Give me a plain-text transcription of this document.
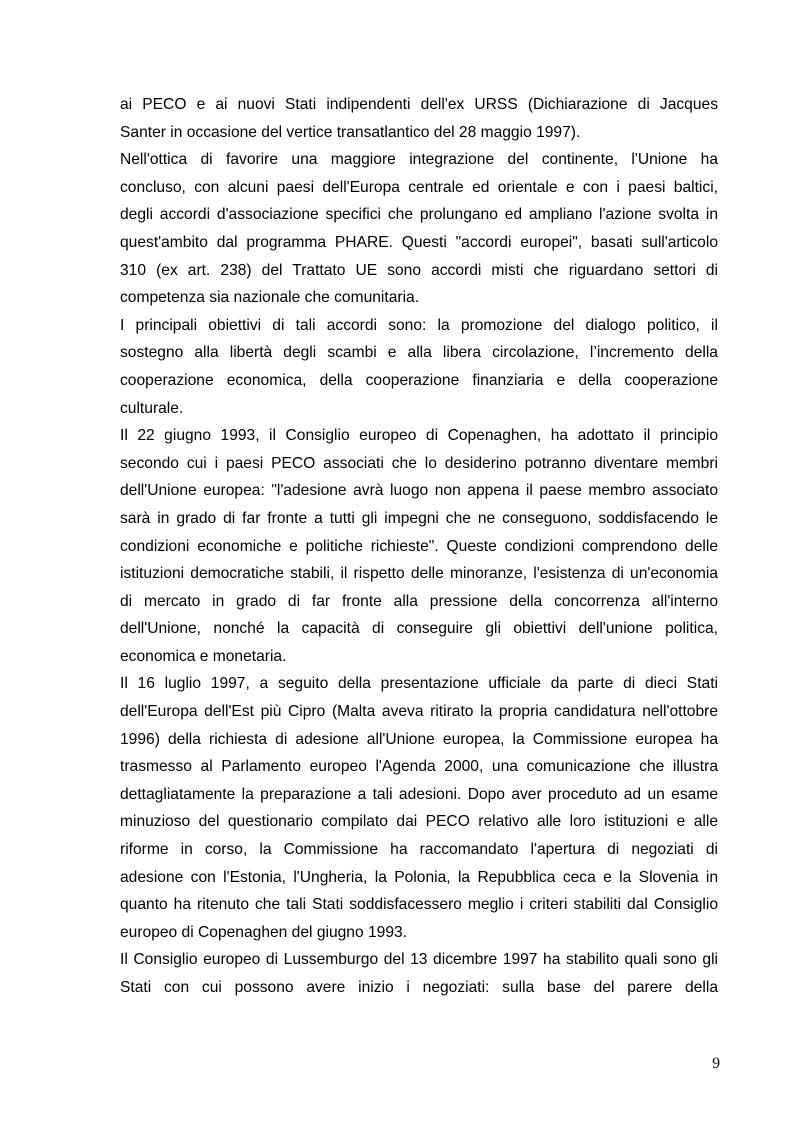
ai PECO e ai nuovi Stati indipendenti dell'ex URSS (Dichiarazione di Jacques
Santer in occasione del vertice transatlantico del 28 maggio 1997).

Nell'ottica di favorire una maggiore integrazione del continente, l'Unione ha
concluso, con alcuni paesi dell'Europa centrale ed orientale e con i paesi baltici,
degli accordi d'associazione specifici che prolungano ed ampliano l'azione svolta in
quest'ambito dal programma PHARE. Questi "accordi europei", basati sull'articolo
310 (ex art. 238) del Trattato UE sono accordi misti che riguardano settori di
competenza sia nazionale che comunitaria.

I principali obiettivi di tali accordi sono: la promozione del dialogo politico, il
sostegno alla libertà degli scambi e alla libera circolazione, l’incremento della
cooperazione economica, della cooperazione finanziaria e della cooperazione
culturale.

Il 22 giugno 1993, il Consiglio europeo di Copenaghen, ha adottato il principio
secondo cui i paesi PECO associati che lo desiderino potranno diventare membri
dell'Unione europea: "l'adesione avrà luogo non appena il paese membro associato
sarà in grado di far fronte a tutti gli impegni che ne conseguono, soddisfacendo le
condizioni economiche e politiche richieste". Queste condizioni comprendono delle
istituzioni democratiche stabili, il rispetto delle minoranze, l'esistenza di un'economia
di mercato in grado di far fronte alla pressione della concorrenza all'interno
dell'Unione, nonché la capacità di conseguire gli obiettivi dell'unione politica,
economica e monetaria.

Il 16 luglio 1997, a seguito della presentazione ufficiale da parte di dieci Stati
dell'Europa dell'Est più Cipro (Malta aveva ritirato la propria candidatura nell'ottobre
1996) della richiesta di adesione all'Unione europea, la Commissione europea ha
trasmesso al Parlamento europeo l'Agenda 2000, una comunicazione che illustra
dettagliatamente la preparazione a tali adesioni. Dopo aver proceduto ad un esame
minuzioso del questionario compilato dai PECO relativo alle loro istituzioni e alle
riforme in corso, la Commissione ha raccomandato l'apertura di negoziati di
adesione con l'Estonia, l'Ungheria, la Polonia, la Repubblica ceca e la Slovenia in
quanto ha ritenuto che tali Stati soddisfacessero meglio i criteri stabiliti dal Consiglio
europeo di Copenaghen del giugno 1993.

Il Consiglio europeo di Lussemburgo del 13 dicembre 1997 ha stabilito quali sono gli
Stati con cui possono avere inizio i negoziati: sulla base del parere della

9
